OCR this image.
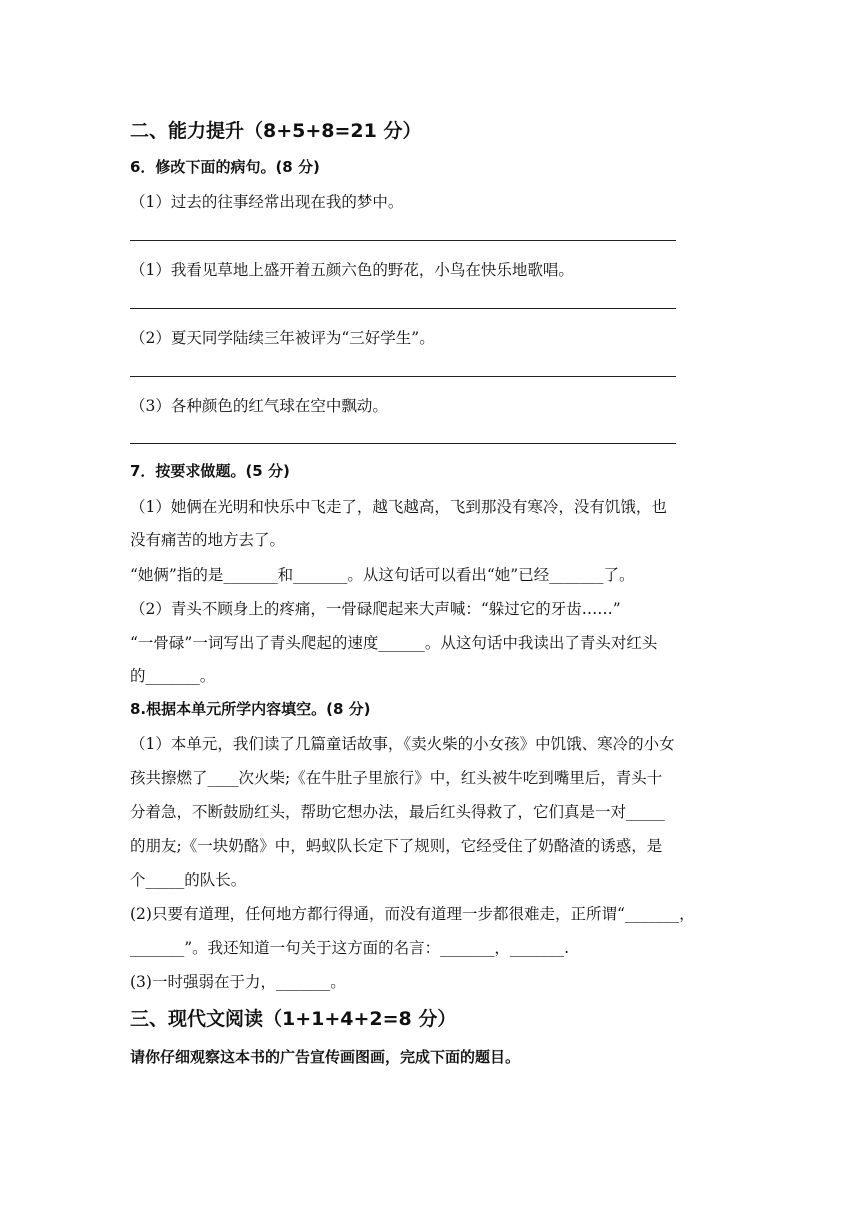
二、能力提升（8+5+8=21 分）
6．修改下面的病句。(8 分)
（1）过去的往事经常出现在我的梦中。
（1）我看见草地上盛开着五颜六色的野花，小鸟在快乐地歌唱。
（2）夏天同学陆续三年被评为“三好学生”。
（3）各种颜色的红气球在空中飘动。
7．按要求做题。(5 分)
（1）她俩在光明和快乐中飞走了，越飞越高，飞到那没有寒冷，没有饥饿，也
没有痛苦的地方去了。
“她俩”指的是_______和_______。从这句话可以看出“她”已经_______了。
（2）青头不顾身上的疼痛，一骨碌爬起来大声喊：“躲过它的牙齿……”
“一骨碌”一词写出了青头爬起的速度______。从这句话中我读出了青头对红头
的_______。
8.根据本单元所学内容填空。(8 分)
（1）本单元，我们读了几篇童话故事，《卖火柴的小女孩》中饥饿、寒冷的小女
孩共擦燃了____次火柴;《在牛肚子里旅行》中，红头被牛吃到嘴里后，青头十
分着急，不断鼓励红头，帮助它想办法，最后红头得救了，它们真是一对_____
的朋友;《一块奶酪》中，蚂蚁队长定下了规则，它经受住了奶酪渣的诱惑，是
个_____的队长。
(2)只要有道理，任何地方都行得通，而没有道理一步都很难走，正所谓“_______，
_______”。我还知道一句关于这方面的名言：_______，_______.
(3)一时强弱在于力，_______。
三、现代文阅读（1+1+4+2=8 分）
请你仔细观察这本书的广告宣传画图画，完成下面的题目。
